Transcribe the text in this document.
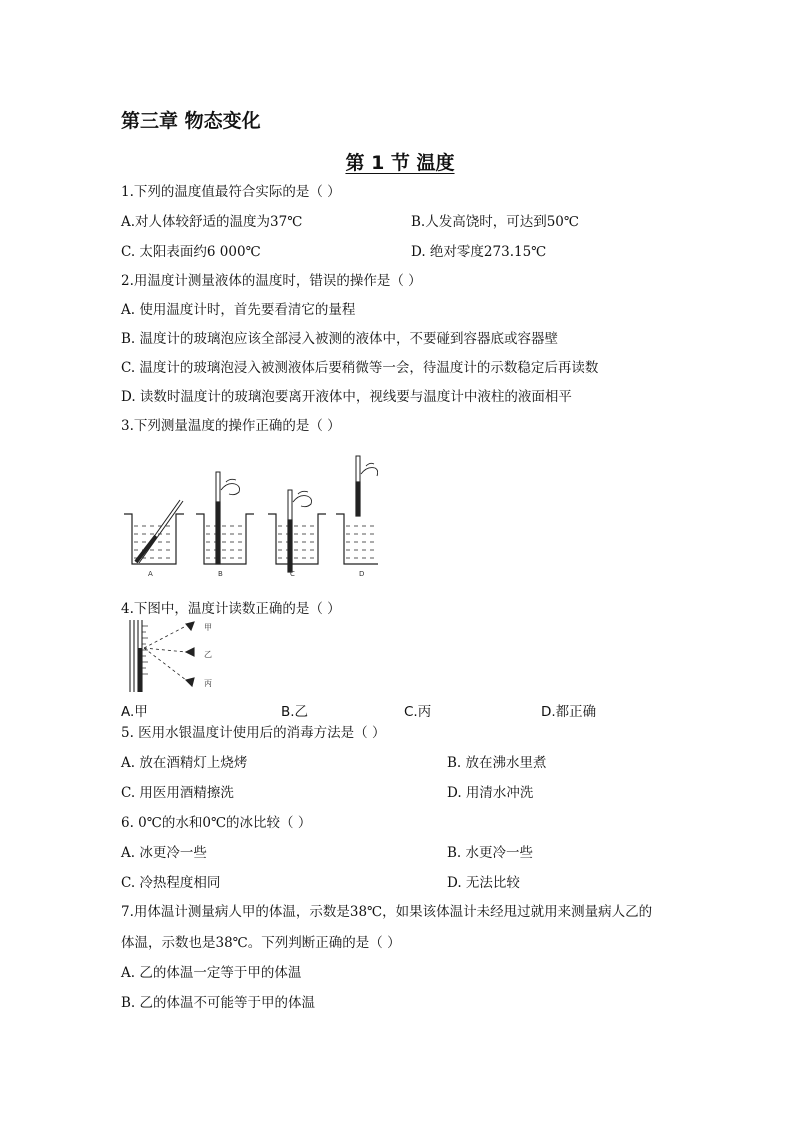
第三章 物态变化
第 1 节 温度
1.下列的温度值最符合实际的是（ ）
A.对人体较舒适的温度为37℃	B.人发高饶时，可达到50℃
C. 太阳表面约6 000℃	D. 绝对零度273.15℃
2.用温度计测量液体的温度时，错误的操作是（ ）
A. 使用温度计时，首先要看清它的量程
B. 温度计的玻璃泡应该全部浸入被测的液体中，不要碰到容器底或容器壁
C. 温度计的玻璃泡浸入被测液体后要稍微等一会，待温度计的示数稳定后再读数
D. 读数时温度计的玻璃泡要离开液体中，视线要与温度计中液柱的液面相平
3.下列测量温度的操作正确的是（ ）
A	B	C	D
4.下图中，温度计读数正确的是（ ）
甲
乙
丙
A.甲	B.乙	C.丙	D.都正确
5. 医用水银温度计使用后的消毒方法是（ ）
A. 放在酒精灯上烧烤	B. 放在沸水里煮
C. 用医用酒精擦洗	D. 用清水冲洗
6. 0℃的水和0℃的冰比较（ ）
A. 冰更冷一些	B. 水更冷一些
C. 冷热程度相同	D. 无法比较
7.用体温计测量病人甲的体温，示数是38℃，如果该体温计未经甩过就用来测量病人乙的
体温，示数也是38℃。下列判断正确的是（ ）
A. 乙的体温一定等于甲的体温
B. 乙的体温不可能等于甲的体温
